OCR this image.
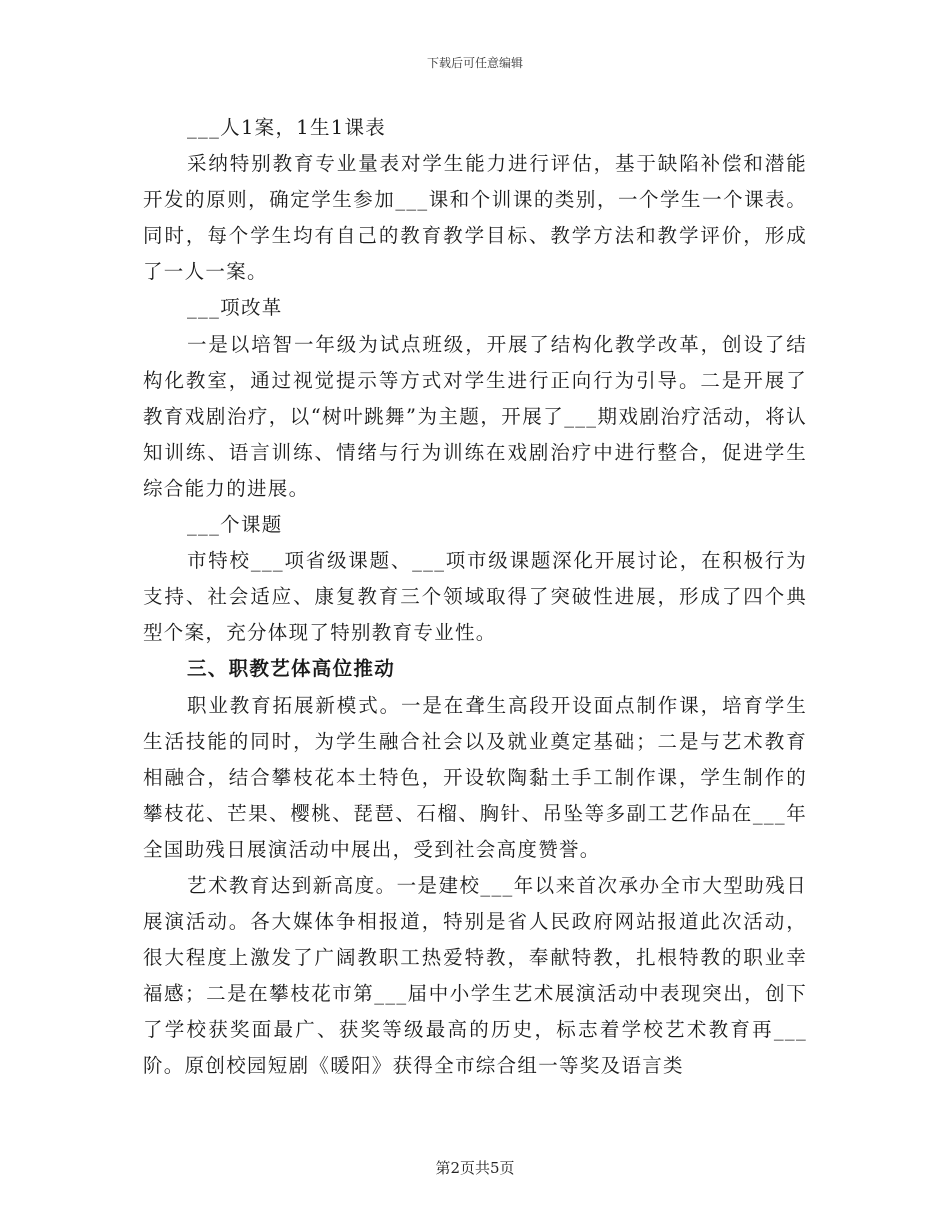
下载后可任意编辑

___人1案，1生1课表

采纳特别教育专业量表对学生能力进行评估，基于缺陷补偿和潜能开发的原则，确定学生参加___课和个训课的类别，一个学生一个课表。同时，每个学生均有自己的教育教学目标、教学方法和教学评价，形成了一人一案。

___项改革

一是以培智一年级为试点班级，开展了结构化教学改革，创设了结构化教室，通过视觉提示等方式对学生进行正向行为引导。二是开展了教育戏剧治疗，以“树叶跳舞”为主题，开展了___期戏剧治疗活动，将认知训练、语言训练、情绪与行为训练在戏剧治疗中进行整合，促进学生综合能力的进展。

___个课题

市特校___项省级课题、___项市级课题深化开展讨论，在积极行为支持、社会适应、康复教育三个领域取得了突破性进展，形成了四个典型个案，充分体现了特别教育专业性。

三、职教艺体高位推动

职业教育拓展新模式。一是在聋生高段开设面点制作课，培育学生生活技能的同时，为学生融合社会以及就业奠定基础；二是与艺术教育相融合，结合攀枝花本土特色，开设软陶黏土手工制作课，学生制作的攀枝花、芒果、樱桃、琵琶、石榴、胸针、吊坠等多副工艺作品在___年全国助残日展演活动中展出，受到社会高度赞誉。

艺术教育达到新高度。一是建校___年以来首次承办全市大型助残日展演活动。各大媒体争相报道，特别是省人民政府网站报道此次活动，很大程度上激发了广阔教职工热爱特教，奉献特教，扎根特教的职业幸福感；二是在攀枝花市第___届中小学生艺术展演活动中表现突出，创下了学校获奖面最广、获奖等级最高的历史，标志着学校艺术教育再___阶。原创校园短剧《暖阳》获得全市综合组一等奖及语言类

第2页共5页
